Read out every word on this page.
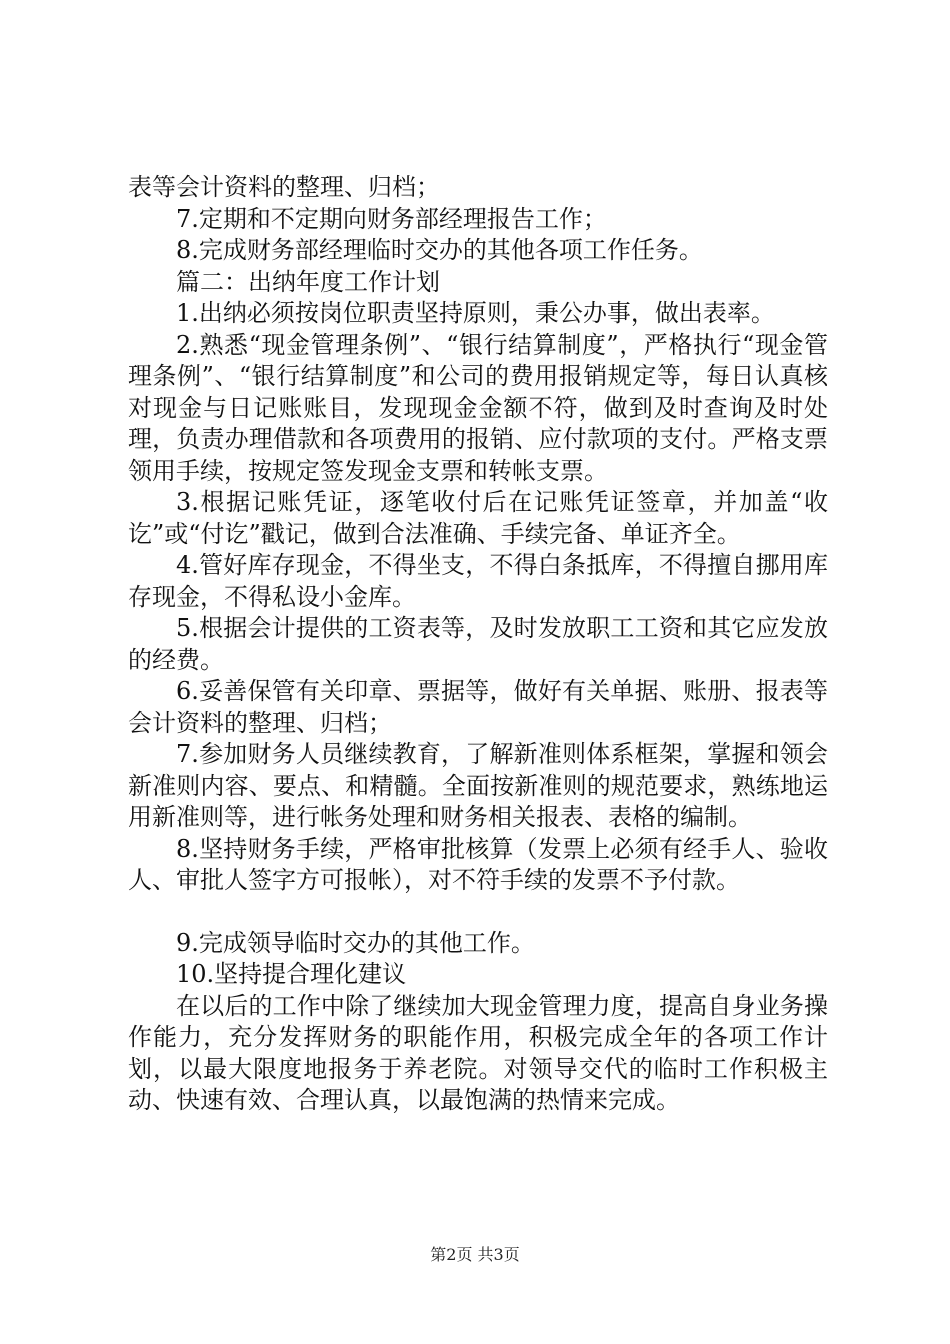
表等会计资料的整理、归档；

7.定期和不定期向财务部经理报告工作；

8.完成财务部经理临时交办的其他各项工作任务。

篇二：出纳年度工作计划

1.出纳必须按岗位职责坚持原则，秉公办事，做出表率。

2.熟悉“现金管理条例”、“银行结算制度”，严格执行“现金管理条例”、“银行结算制度”和公司的费用报销规定等，每日认真核对现金与日记账账目，发现现金金额不符，做到及时查询及时处理，负责办理借款和各项费用的报销、应付款项的支付。严格支票领用手续，按规定签发现金支票和转帐支票。

3.根据记账凭证，逐笔收付后在记账凭证签章，并加盖“收讫”或“付讫”戳记，做到合法准确、手续完备、单证齐全。

4.管好库存现金，不得坐支，不得白条抵库，不得擅自挪用库存现金，不得私设小金库。

5.根据会计提供的工资表等，及时发放职工工资和其它应发放的经费。

6.妥善保管有关印章、票据等，做好有关单据、账册、报表等会计资料的整理、归档；

7.参加财务人员继续教育，了解新准则体系框架，掌握和领会新准则内容、要点、和精髓。全面按新准则的规范要求，熟练地运用新准则等，进行帐务处理和财务相关报表、表格的编制。

8.坚持财务手续，严格审批核算（发票上必须有经手人、验收人、审批人签字方可报帐），对不符手续的发票不予付款。

9.完成领导临时交办的其他工作。

10.坚持提合理化建议

在以后的工作中除了继续加大现金管理力度，提高自身业务操作能力，充分发挥财务的职能作用，积极完成全年的各项工作计划，以最大限度地报务于养老院。对领导交代的临时工作积极主动、快速有效、合理认真，以最饱满的热情来完成。

第2页 共3页
